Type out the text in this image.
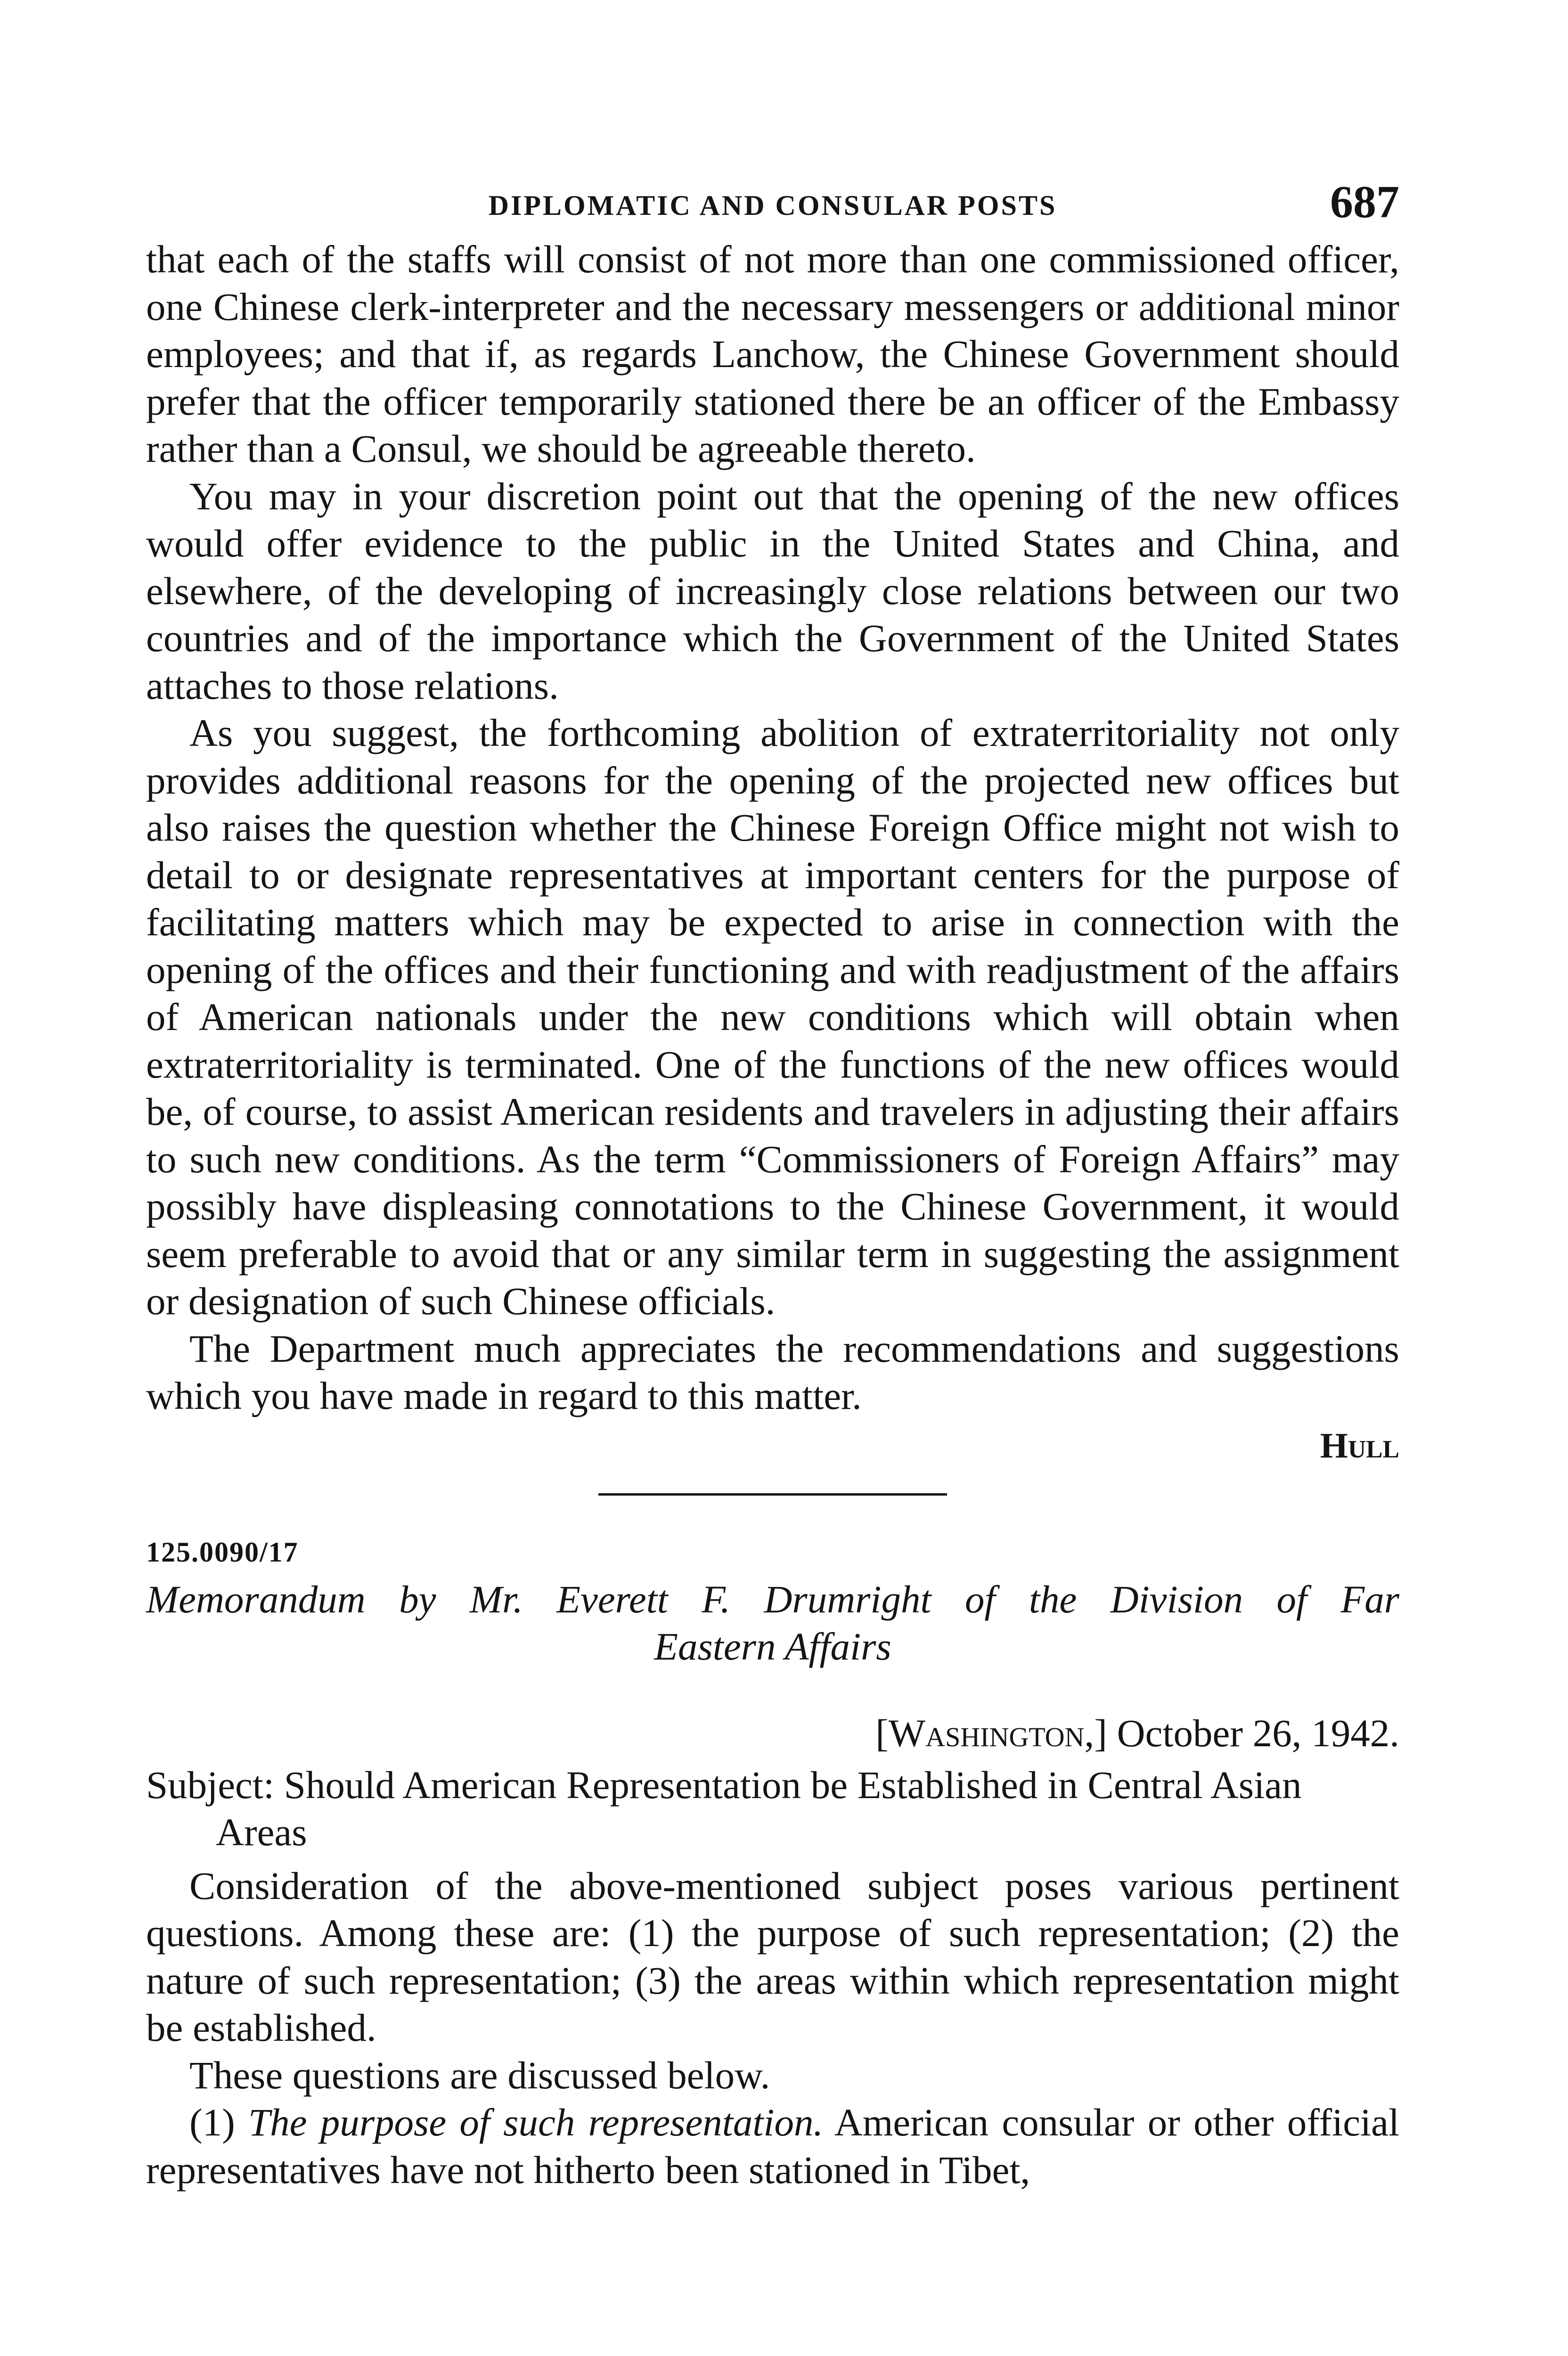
DIPLOMATIC AND CONSULAR POSTS	687

that each of the staffs will consist of not more than one commissioned officer, one Chinese clerk-interpreter and the necessary messengers or additional minor employees; and that if, as regards Lanchow, the Chinese Government should prefer that the officer temporarily stationed there be an officer of the Embassy rather than a Consul, we should be agreeable thereto.

You may in your discretion point out that the opening of the new offices would offer evidence to the public in the United States and China, and elsewhere, of the developing of increasingly close relations between our two countries and of the importance which the Government of the United States attaches to those relations.

As you suggest, the forthcoming abolition of extraterritoriality not only provides additional reasons for the opening of the projected new offices but also raises the question whether the Chinese Foreign Office might not wish to detail to or designate representatives at important centers for the purpose of facilitating matters which may be expected to arise in connection with the opening of the offices and their functioning and with readjustment of the affairs of American nationals under the new conditions which will obtain when extraterritoriality is terminated. One of the functions of the new offices would be, of course, to assist American residents and travelers in adjusting their affairs to such new conditions. As the term “Commissioners of Foreign Affairs” may possibly have displeasing connotations to the Chinese Government, it would seem preferable to avoid that or any similar term in suggesting the assignment or designation of such Chinese officials.

The Department much appreciates the recommendations and suggestions which you have made in regard to this matter.

Hull
125.0090/17
Memorandum by Mr. Everett F. Drumright of the Division of Far
Eastern Affairs
[Washington,] October 26, 1942.
Subject: Should American Representation be Established in Central Asian Areas

Consideration of the above-mentioned subject poses various pertinent questions. Among these are: (1) the purpose of such representation; (2) the nature of such representation; (3) the areas within which representation might be established.

These questions are discussed below.

(1) The purpose of such representation. American consular or other official representatives have not hitherto been stationed in Tibet,
